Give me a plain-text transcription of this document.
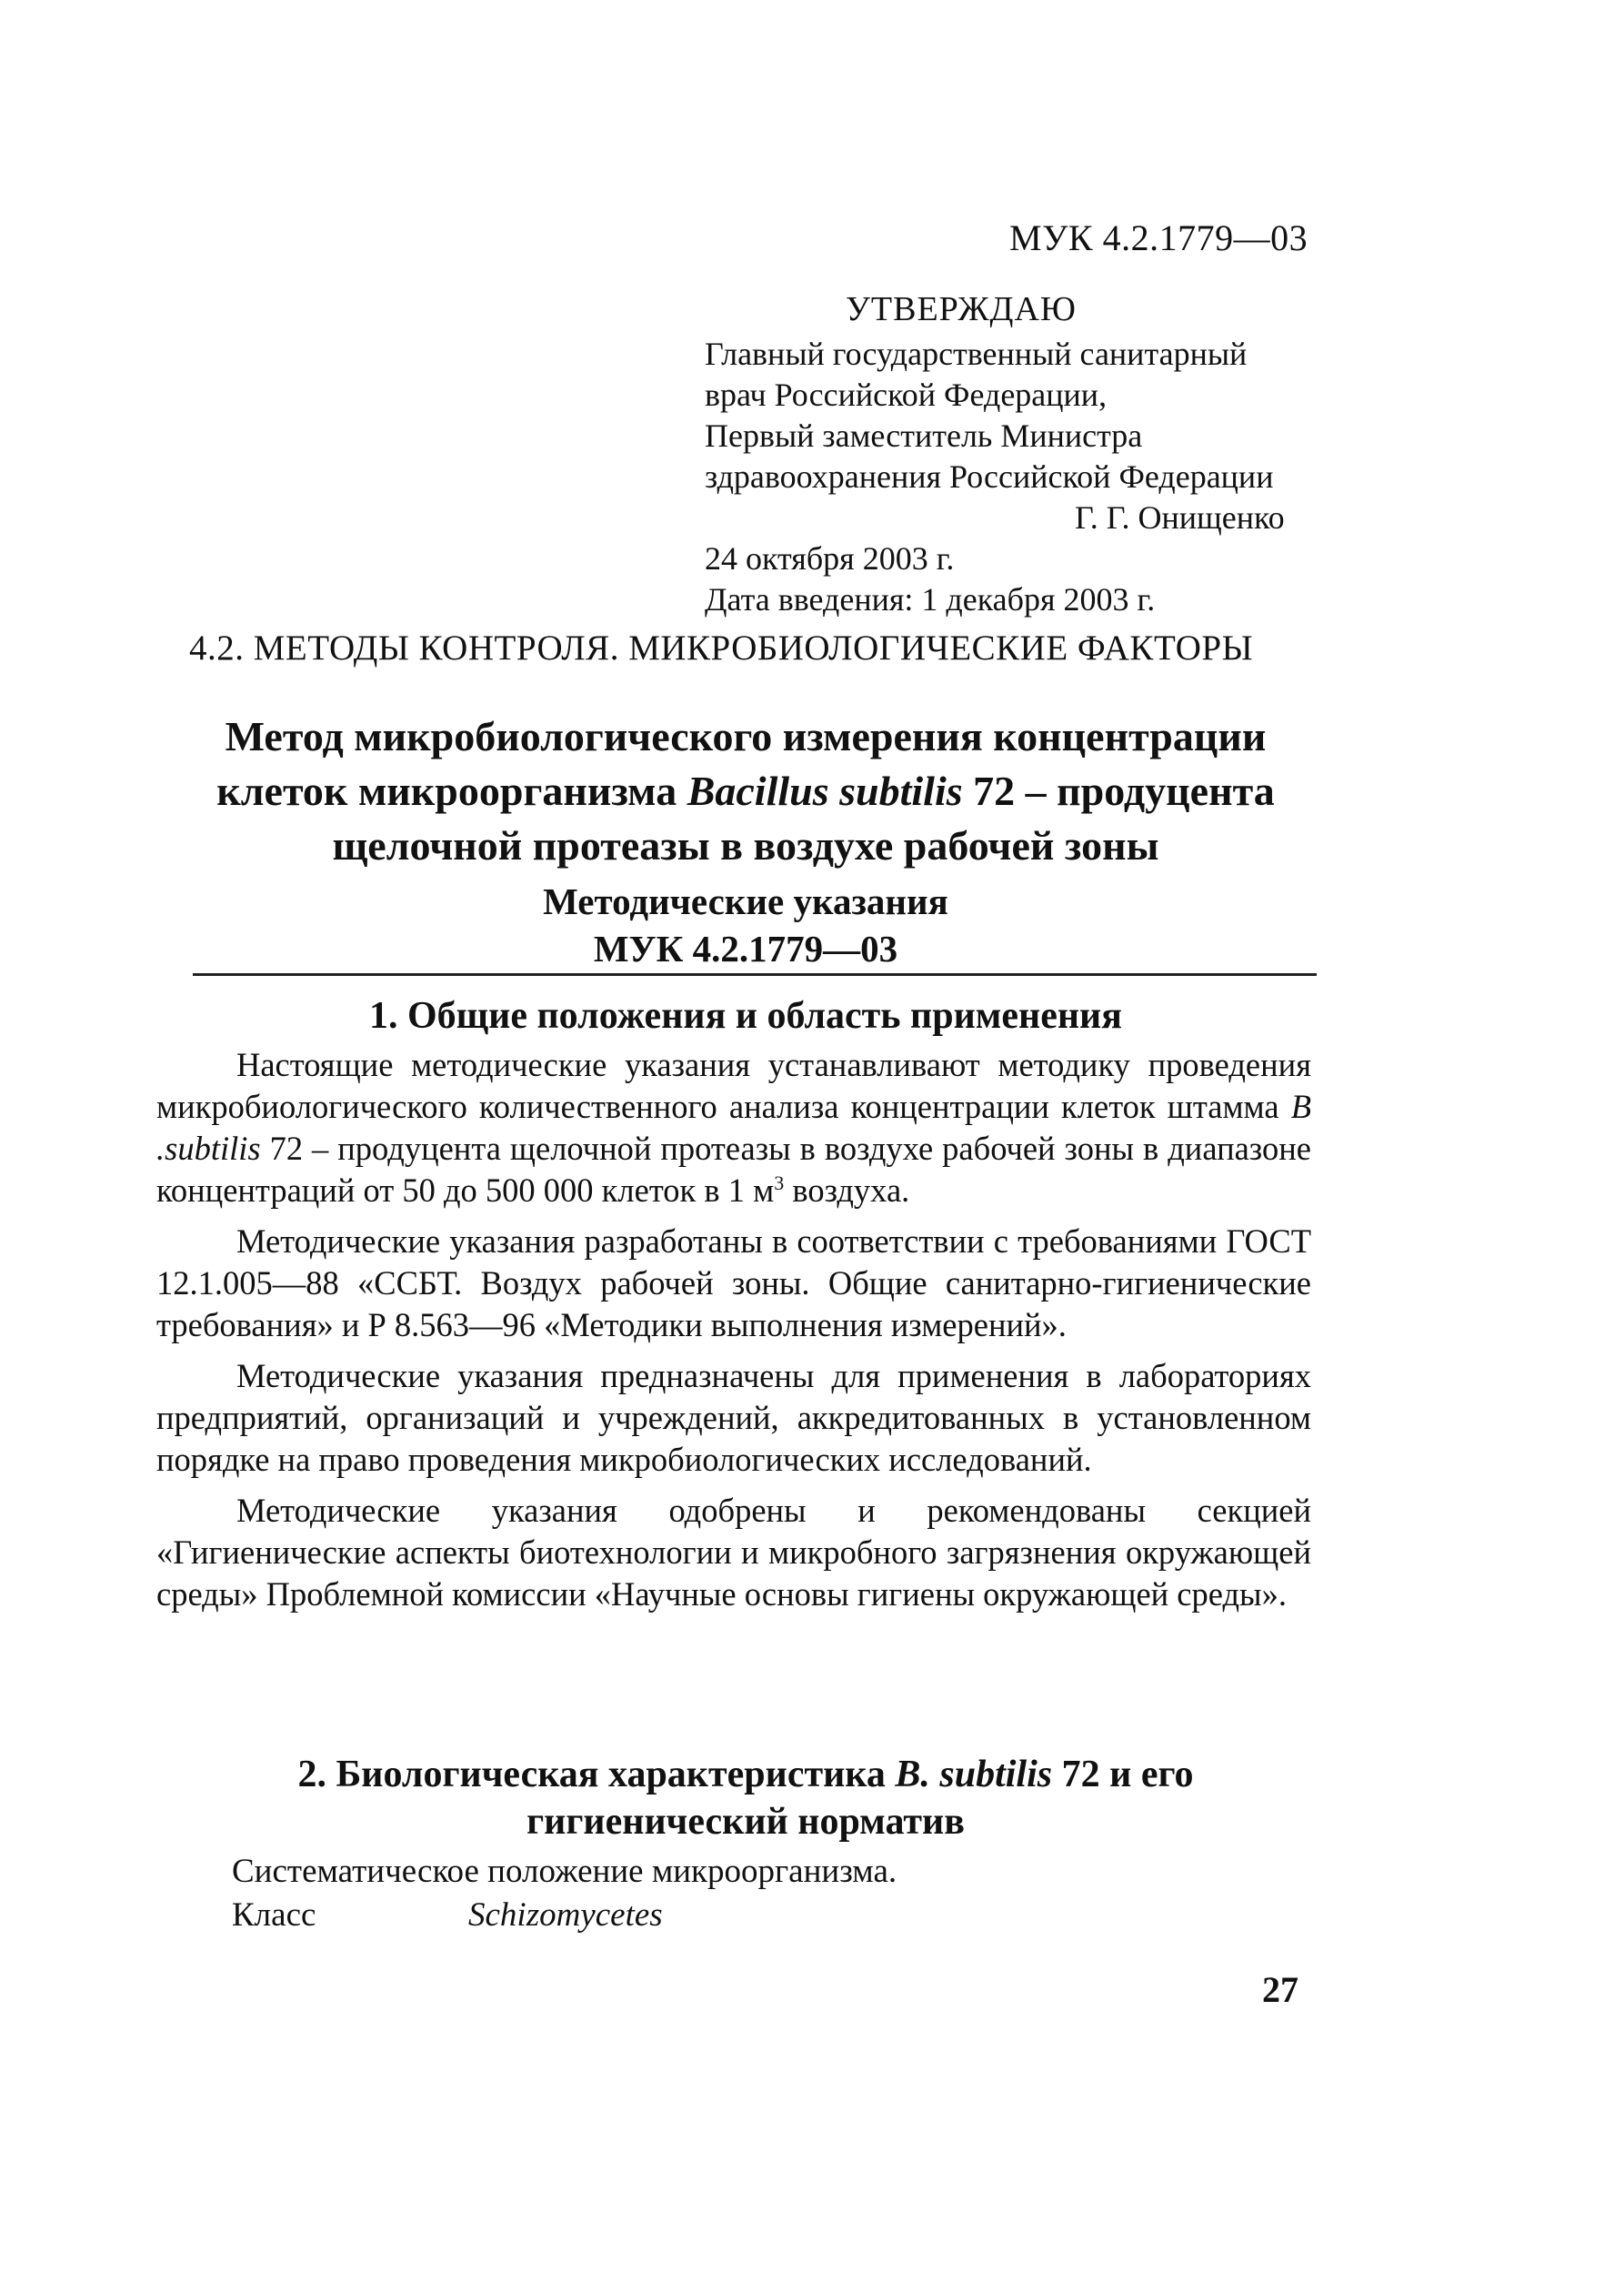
МУК 4.2.1779—03
УТВЕРЖДАЮ
Главный государственный санитарный
врач Российской Федерации,
Первый заместитель Министра
здравоохранения Российской Федерации
Г. Г. Онищенко
24 октября 2003 г.
Дата введения: 1 декабря 2003 г.
4.2. МЕТОДЫ КОНТРОЛЯ. МИКРОБИОЛОГИЧЕСКИЕ ФАКТОРЫ
Метод микробиологического измерения концентрации
клеток микроорганизма Bacillus subtilis 72 – продуцента
щелочной протеазы в воздухе рабочей зоны
Методические указания
МУК 4.2.1779—03
1. Общие положения и область применения

Настоящие методические указания устанавливают методику проведения микробиологического количественного анализа концентрации клеток штамма B .subtilis 72 – продуцента щелочной протеазы в воздухе рабочей зоны в диапазоне концентраций от 50 до 500 000 клеток в 1 $м^3$ воздуха.

Методические указания разработаны в соответствии с требованиями ГОСТ 12.1.005—88 «ССБТ. Воздух рабочей зоны. Общие санитарно-гигиенические требования» и Р 8.563—96 «Методики выполнения измерений».

Методические указания предназначены для применения в лабораториях предприятий, организаций и учреждений, аккредитованных в установленном порядке на право проведения микробиологических исследований.

Методические указания одобрены и рекомендованы секцией «Гигиенические аспекты биотехнологии и микробного загрязнения окружающей среды» Проблемной комиссии «Научные основы гигиены окружающей среды».

2. Биологическая характеристика B. subtilis 72 и его
гигиенический норматив
Систематическое положение микроорганизма.
Класс	Schizomycetes
27
